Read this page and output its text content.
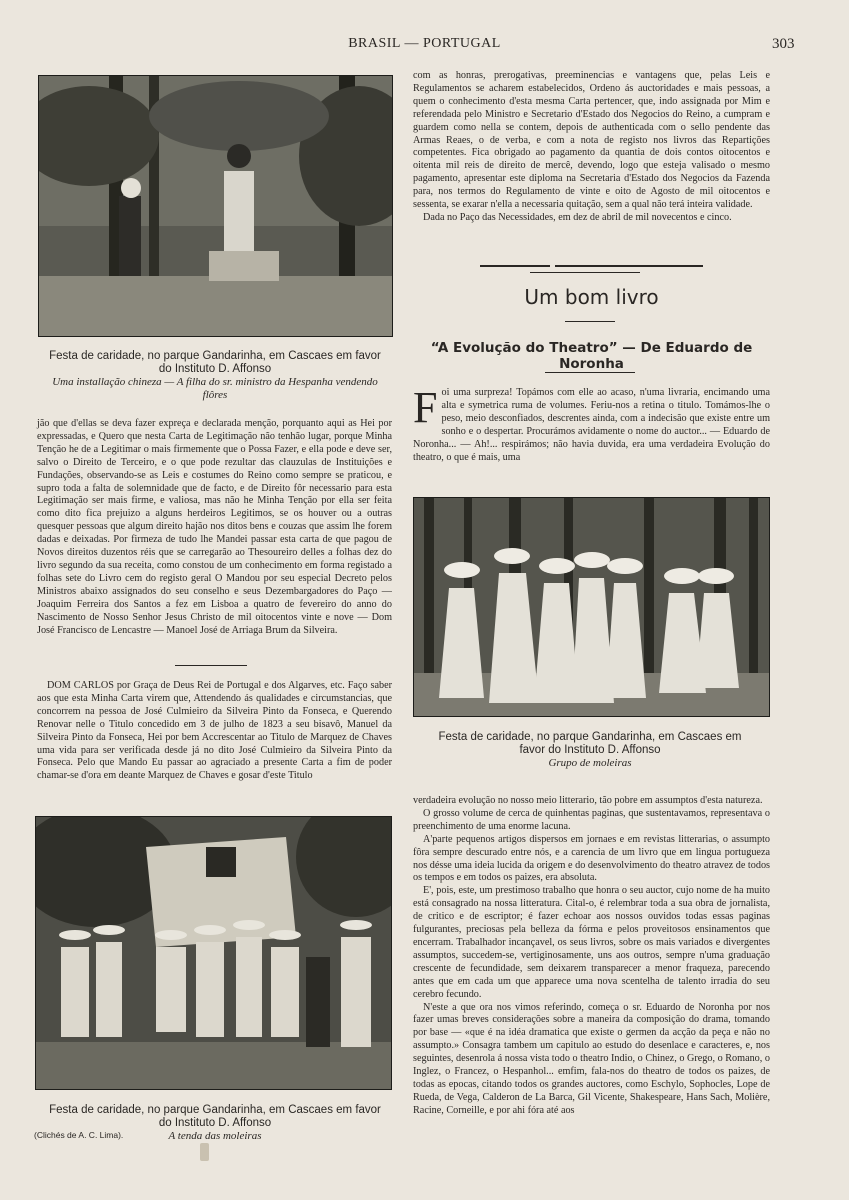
BRASIL — PORTUGAL	303
Festa de caridade, no parque Gandarinha, em Cascaes em favor do Instituto D. Affonso
Uma installação chineza — A filha do sr. ministro da Hespanha vendendo flôres

jão que d'ellas se deva fazer expreça e declarada menção, porquanto aqui as Hei por expressadas, e Quero que nesta Carta de Legitimação não tenhão lugar, porque Minha Tenção he de a Legitimar o mais firmemente que o Possa Fazer, e ella pode e deve ser, salvo o Direito de Terceiro, e o que pode rezultar das clauzulas de Instituições e Fundações, observando-se as Leis e costumes do Reino como sempre se praticou, e supro toda a falta de solemnidade que de facto, e de Direito fôr necessario para esta Legitimação ser mais firme, e valiosa, mas não he Minha Tenção por ella ser feita como dito fica prejuizo a alguns herdeiros Legitimos, se os houver ou a outras quesquer pessoas que algum direito hajão nos ditos bens e couzas que assim lhe forem dadas e deixadas. Por firmeza de tudo lhe Mandei passar esta carta de que pagou de Novos direitos duzentos réis que se carregarão ao Thesoureiro delles a folhas dez do livro segundo da sua receita, como constou de um conhecimento em forma registado a folhas sete do Livro cem do registo geral O Mandou por seu especial Decreto pelos Ministros abaixo assignados do seu conselho e seus Dezembargadores do Paço — Joaquim Ferreira dos Santos a fez em Lisboa a quatro de fevereiro do anno do Nascimento de Nosso Senhor Jesus Christo de mil oitocentos vinte e nove — Dom José Francisco de Lencastre — Manoel José de Arriaga Brum da Silveira.

DOM CARLOS por Graça de Deus Rei de Portugal e dos Algarves, etc. Faço saber aos que esta Minha Carta virem que, Attendendo ás qualidades e circumstancias, que concorrem na pessoa de José Culmieiro da Silveira Pinto da Fonseca, e Querendo Renovar nelle o Titulo concedido em 3 de julho de 1823 a seu bisavô, Manuel da Silveira Pinto da Fonseca, Hei por bem Accrescentar ao Titulo de Marquez de Chaves uma vida para ser verificada desde já no dito José Culmieiro da Silveira Pinto da Fonseca. Pelo que Mando Eu passar ao agraciado a presente Carta a fim de poder chamar-se d'ora em deante Marquez de Chaves e gosar d'este Titulo

Festa de caridade, no parque Gandarinha, em Cascaes em favor do Instituto D. Affonso
(Clichés de A. C. Lima).	A tenda das moleiras

com as honras, prerogativas, preeminencias e vantagens que, pelas Leis e Regulamentos se acharem estabelecidos, Ordeno ás auctoridades e mais pessoas, a quem o conhecimento d'esta mesma Carta pertencer, que, indo assignada por Mim e referendada pelo Ministro e Secretario d'Estado dos Negocios do Reino, a cumpram e guardem como nella se contem, depois de authenticada com o sello pendente das Armas Reaes, o de verba, e com a nota de registo nos livros das Repartições competentes. Fica obrigado ao pagamento da quantia de dois contos oitocentos e oitenta mil reis de direito de mercê, devendo, logo que esteja valisado o mesmo pagamento, apresentar este diploma na Secretaria d'Estado dos Negocios da Fazenda para, nos termos do Regulamento de vinte e oito de Agosto de mil oitocentos e sessenta, se exarar n'ella a necessaria quitação, sem a qual não terá inteira validade.

Dada no Paço das Necessidades, em dez de abril de mil novecentos e cinco.

Um bom livro
“A Evolução do Theatro” — De Eduardo de Noronha
Foi uma surpreza! Topámos com elle ao acaso, n'uma livraria, encimando uma alta e symetrica ruma de volumes. Feriu-nos a retina o titulo. Tomámos-lhe o peso, meio desconfiados, descrentes ainda, com a indecisão que existe entre um sonho e o despertar. Procurámos avidamente o nome do auctor... — Eduardo de Noronha... — Ah!... respirámos; não havia duvida, era uma verdadeira Evolução do theatro, o que é mais, uma
Festa de caridade, no parque Gandarinha, em Cascaes em favor do Instituto D. Affonso
Grupo de moleiras

verdadeira evolução no nosso meio litterario, tão pobre em assumptos d'esta natureza.

O grosso volume de cerca de quinhentas paginas, que sustentavamos, representava o preenchimento de uma enorme lacuna.

A'parte pequenos artigos dispersos em jornaes e em revistas litterarias, o assumpto fôra sempre descurado entre nós, e a carencia de um livro que em lingua portugueza nos désse uma ideia lucida da origem e do desenvolvimento do theatro atravez de todos os tempos e em todos os paizes, era absoluta.

E', pois, este, um prestimoso trabalho que honra o seu auctor, cujo nome de ha muito está consagrado na nossa litteratura. Cital-o, é relembrar toda a sua obra de jornalista, de critico e de escriptor; é fazer echoar aos nossos ouvidos todas essas paginas fulgurantes, preciosas pela belleza da fórma e pelos proveitosos ensinamentos que encerram. Trabalhador incançavel, os seus livros, sobre os mais variados e divergentes assumptos, succedem-se, vertiginosamente, uns aos outros, sempre n'uma graduação crescente de fecundidade, sem deixarem transparecer a menor fraqueza, parecendo antes que em cada um que apparece uma nova scentelha de talento irradia do seu cerebro fecundo.

N'este a que ora nos vimos referindo, começa o sr. Eduardo de Noronha por nos fazer umas breves considerações sobre a maneira da composição do drama, tomando por base — «que é na idéa dramatica que existe o germen da acção da peça e não no assumpto.» Consagra tambem um capitulo ao estudo do desenlace e caracteres, e, nos seguintes, desenrola á nossa vista todo o theatro Indio, o Chinez, o Grego, o Romano, o Inglez, o Francez, o Hespanhol... emfim, fala-nos do theatro de todos os paizes, de todas as epocas, citando todos os grandes auctores, como Eschylo, Sophocles, Lope de Rueda, de Vega, Calderon de La Barca, Gil Vicente, Shakespeare, Hans Sach, Molière, Racine, Corneille, e por ahi fóra até aos
